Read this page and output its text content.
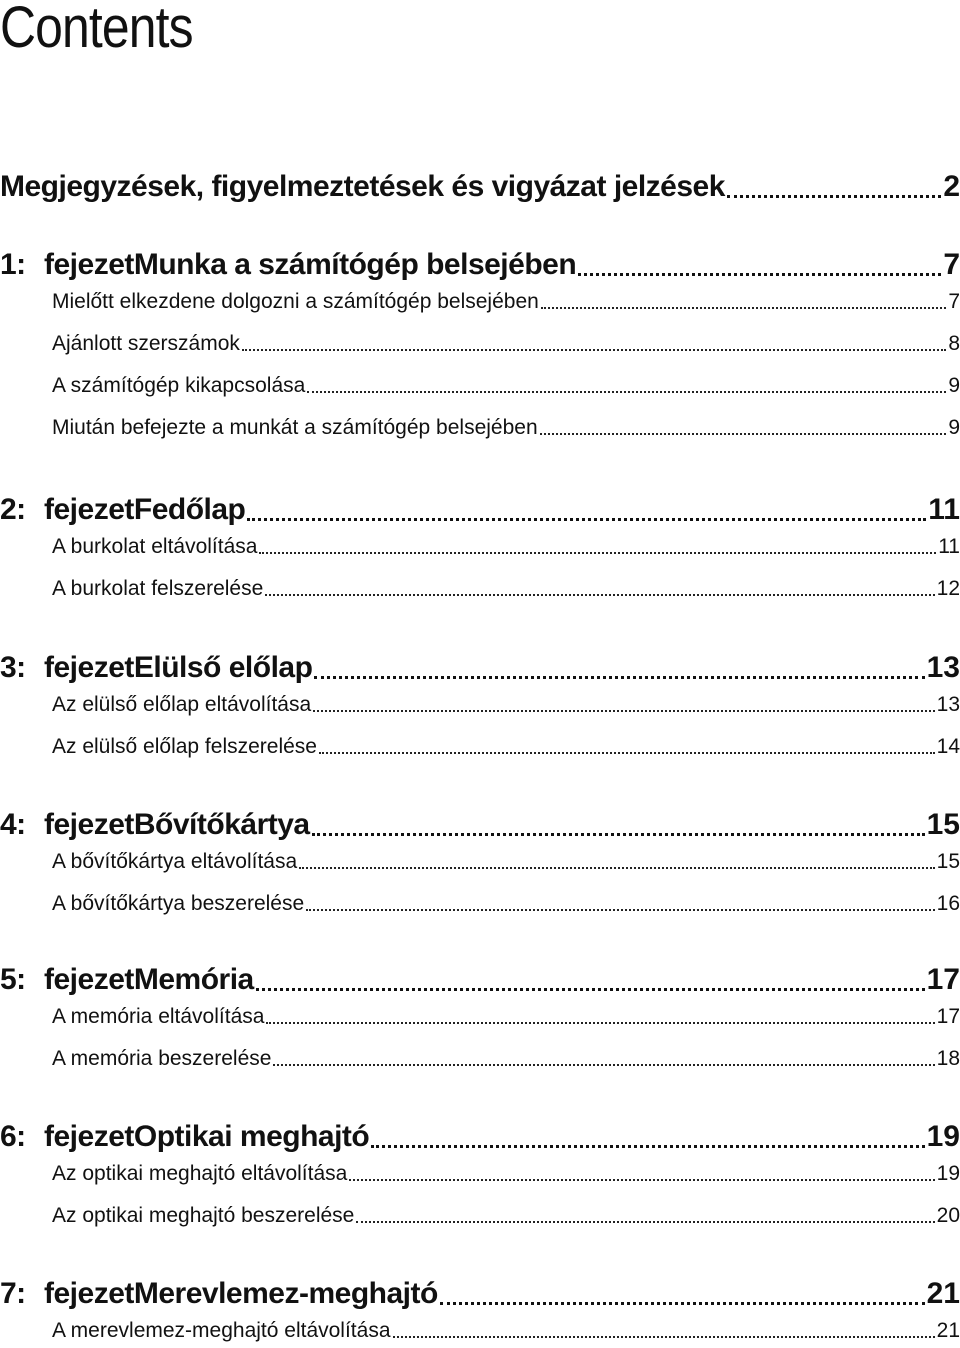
Contents
Megjegyzések, figyelmeztetések és vigyázat jelzések	2
1: fejezetMunka a számítógép belsejében	7
Mielőtt elkezdene dolgozni a számítógép belsejében	7
Ajánlott szerszámok	8
A számítógép kikapcsolása	9
Miután befejezte a munkát a számítógép belsejében	9
2: fejezetFedőlap	11
A burkolat eltávolítása	11
A burkolat felszerelése	12
3: fejezetElülső előlap	13
Az elülső előlap eltávolítása	13
Az elülső előlap felszerelése	14
4: fejezetBővítőkártya	15
A bővítőkártya eltávolítása	15
A bővítőkártya beszerelése	16
5: fejezetMemória	17
A memória eltávolítása	17
A memória beszerelése	18
6: fejezetOptikai meghajtó	19
Az optikai meghajtó eltávolítása	19
Az optikai meghajtó beszerelése	20
7: fejezetMerevlemez-meghajtó	21
A merevlemez-meghajtó eltávolítása	21
